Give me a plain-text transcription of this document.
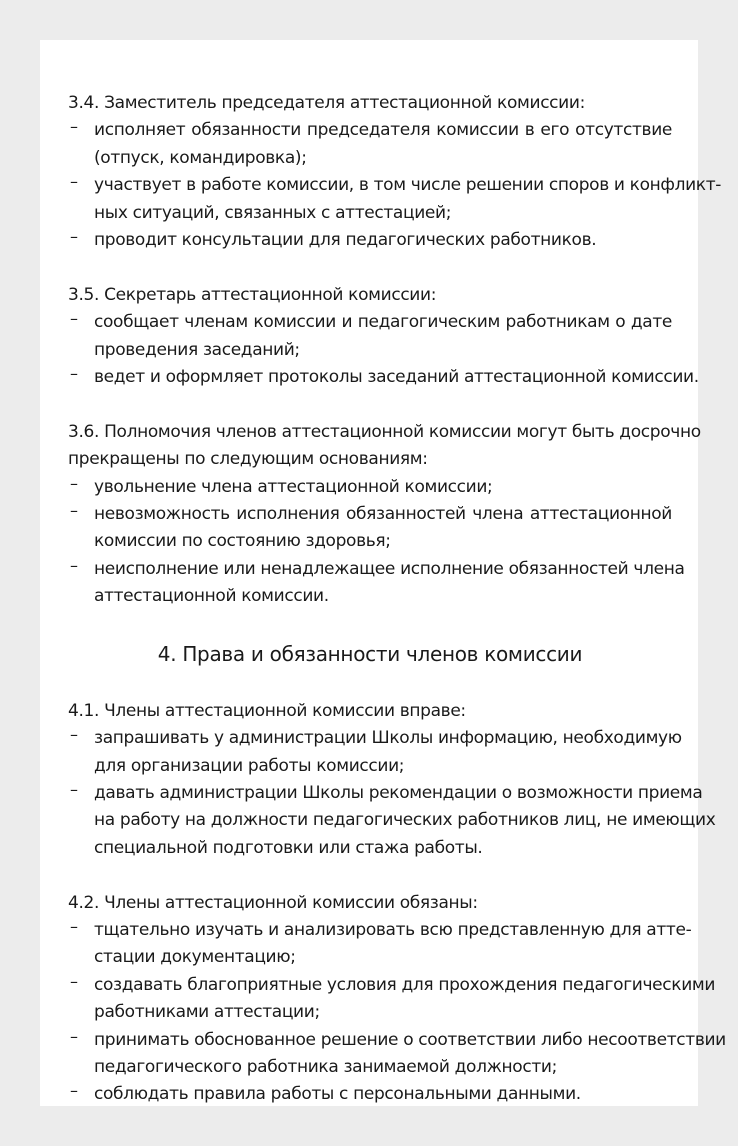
3.4. Заместитель председателя аттестационной комиссии:
– исполняет обязанности председателя комиссии в его отсутствие
(отпуск, командировка);
– участвует в работе комиссии, в том числе решении споров и конфликт-
ных ситуаций, связанных с аттестацией;
– проводит консультации для педагогических работников.
3.5. Секретарь аттестационной комиссии:
– сообщает членам комиссии и педагогическим работникам о дате
проведения заседаний;
– ведет и оформляет протоколы заседаний аттестационной комиссии.
3.6. Полномочия членов аттестационной комиссии могут быть досрочно
прекращены по следующим основаниям:
– увольнение члена аттестационной комиссии;
– невозможность исполнения обязанностей члена аттестационной
комиссии по состоянию здоровья;
– неисполнение или ненадлежащее исполнение обязанностей члена
аттестационной комиссии.
4. Права и обязанности членов комиссии
4.1. Члены аттестационной комиссии вправе:
– запрашивать у администрации Школы информацию, необходимую
для организации работы комиссии;
– давать администрации Школы рекомендации о возможности приема
на работу на должности педагогических работников лиц, не имеющих
специальной подготовки или стажа работы.
4.2. Члены аттестационной комиссии обязаны:
– тщательно изучать и анализировать всю представленную для атте-
стации документацию;
– создавать благоприятные условия для прохождения педагогическими
работниками аттестации;
– принимать обоснованное решение о соответствии либо несоответствии
педагогического работника занимаемой должности;
– соблюдать правила работы с персональными данными.
